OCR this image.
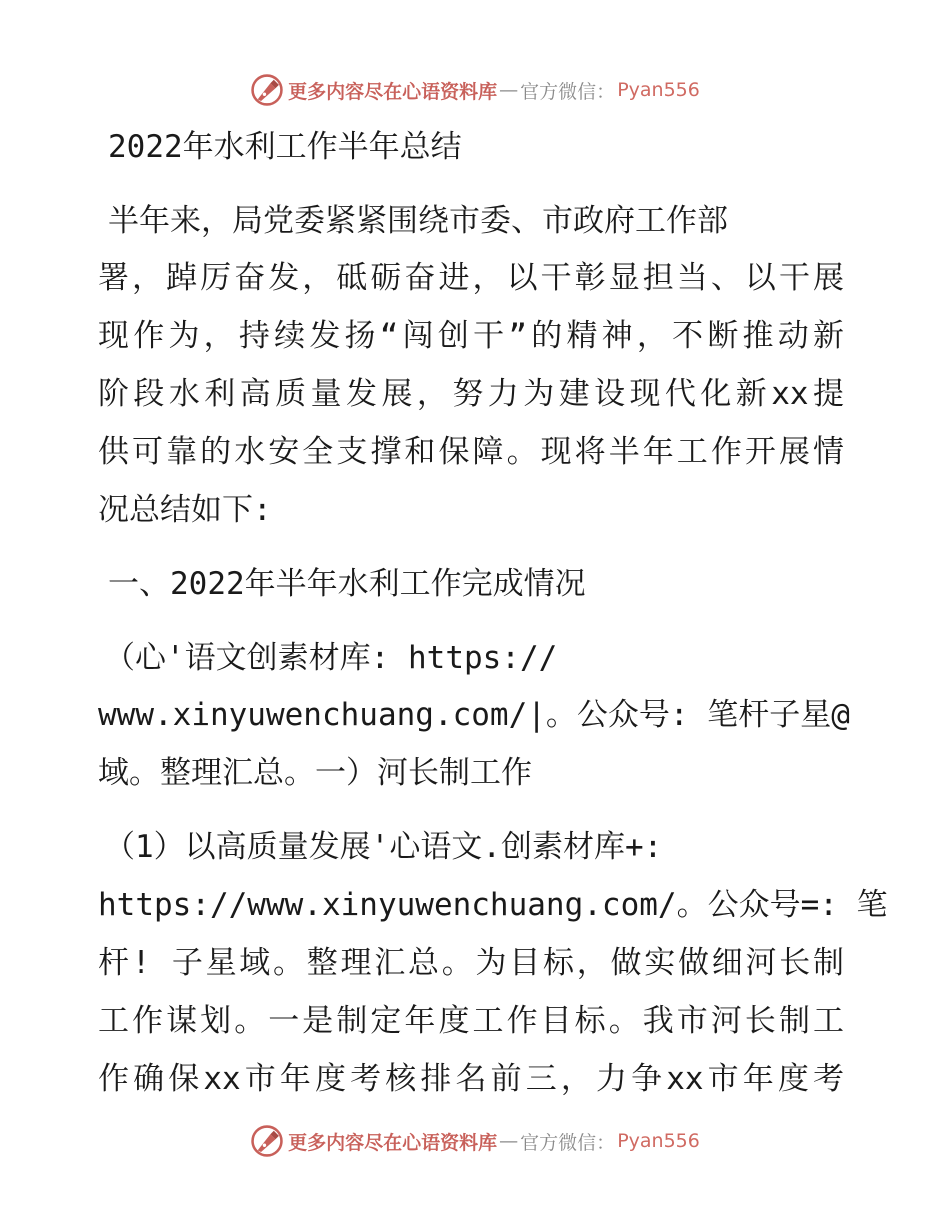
更多内容尽在心语资料库 — 官方微信： Pyan556
2022年水利工作半年总结
半年来，局党委紧紧围绕市委、市政府工作部
署，踔厉奋发，砥砺奋进，以干彰显担当、以干展
现作为，持续发扬“闯创干”的精神，不断推动新
阶段水利高质量发展，努力为建设现代化新xx提
供可靠的水安全支撑和保障。现将半年工作开展情
况总结如下:
一、2022年半年水利工作完成情况
（心'语文创素材库: https://
www.xinyuwenchuang.com/|。公众号: 笔杆子星@
域。整理汇总。一）河长制工作
（1）以高质量发展'心语文.创素材库+:
https://www.xinyuwenchuang.com/。公众号=: 笔
杆! 子星域。整理汇总。为目标，做实做细河长制
工作谋划。一是制定年度工作目标。我市河长制工
作确保xx市年度考核排名前三，力争xx市年度考
更多内容尽在心语资料库 — 官方微信： Pyan556
